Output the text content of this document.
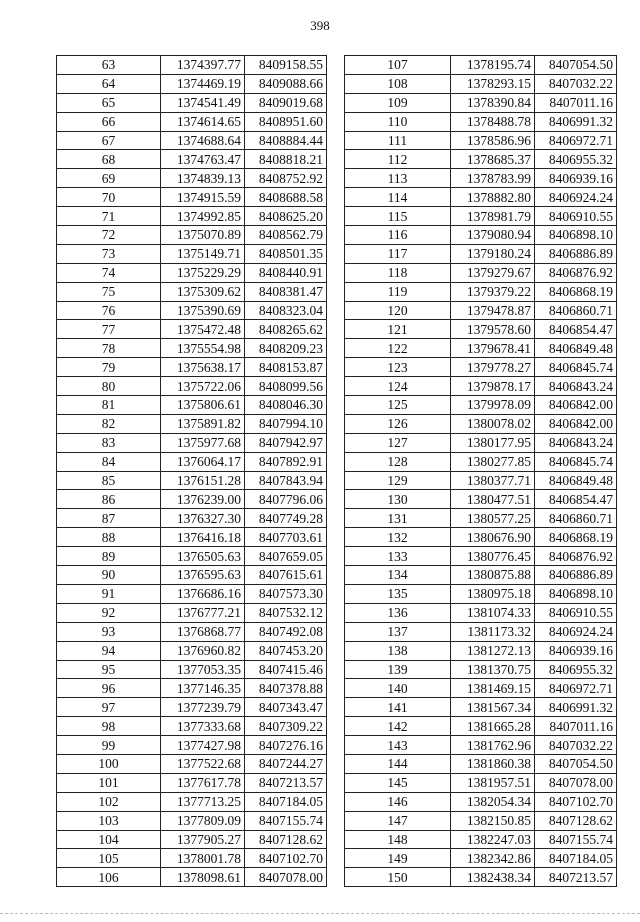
398
63	1374397.77	8409158.55
64	1374469.19	8409088.66
65	1374541.49	8409019.68
66	1374614.65	8408951.60
67	1374688.64	8408884.44
68	1374763.47	8408818.21
69	1374839.13	8408752.92
70	1374915.59	8408688.58
71	1374992.85	8408625.20
72	1375070.89	8408562.79
73	1375149.71	8408501.35
74	1375229.29	8408440.91
75	1375309.62	8408381.47
76	1375390.69	8408323.04
77	1375472.48	8408265.62
78	1375554.98	8408209.23
79	1375638.17	8408153.87
80	1375722.06	8408099.56
81	1375806.61	8408046.30
82	1375891.82	8407994.10
83	1375977.68	8407942.97
84	1376064.17	8407892.91
85	1376151.28	8407843.94
86	1376239.00	8407796.06
87	1376327.30	8407749.28
88	1376416.18	8407703.61
89	1376505.63	8407659.05
90	1376595.63	8407615.61
91	1376686.16	8407573.30
92	1376777.21	8407532.12
93	1376868.77	8407492.08
94	1376960.82	8407453.20
95	1377053.35	8407415.46
96	1377146.35	8407378.88
97	1377239.79	8407343.47
98	1377333.68	8407309.22
99	1377427.98	8407276.16
100	1377522.68	8407244.27
101	1377617.78	8407213.57
102	1377713.25	8407184.05
103	1377809.09	8407155.74
104	1377905.27	8407128.62
105	1378001.78	8407102.70
106	1378098.61	8407078.00
107	1378195.74	8407054.50
108	1378293.15	8407032.22
109	1378390.84	8407011.16
110	1378488.78	8406991.32
111	1378586.96	8406972.71
112	1378685.37	8406955.32
113	1378783.99	8406939.16
114	1378882.80	8406924.24
115	1378981.79	8406910.55
116	1379080.94	8406898.10
117	1379180.24	8406886.89
118	1379279.67	8406876.92
119	1379379.22	8406868.19
120	1379478.87	8406860.71
121	1379578.60	8406854.47
122	1379678.41	8406849.48
123	1379778.27	8406845.74
124	1379878.17	8406843.24
125	1379978.09	8406842.00
126	1380078.02	8406842.00
127	1380177.95	8406843.24
128	1380277.85	8406845.74
129	1380377.71	8406849.48
130	1380477.51	8406854.47
131	1380577.25	8406860.71
132	1380676.90	8406868.19
133	1380776.45	8406876.92
134	1380875.88	8406886.89
135	1380975.18	8406898.10
136	1381074.33	8406910.55
137	1381173.32	8406924.24
138	1381272.13	8406939.16
139	1381370.75	8406955.32
140	1381469.15	8406972.71
141	1381567.34	8406991.32
142	1381665.28	8407011.16
143	1381762.96	8407032.22
144	1381860.38	8407054.50
145	1381957.51	8407078.00
146	1382054.34	8407102.70
147	1382150.85	8407128.62
148	1382247.03	8407155.74
149	1382342.86	8407184.05
150	1382438.34	8407213.57
